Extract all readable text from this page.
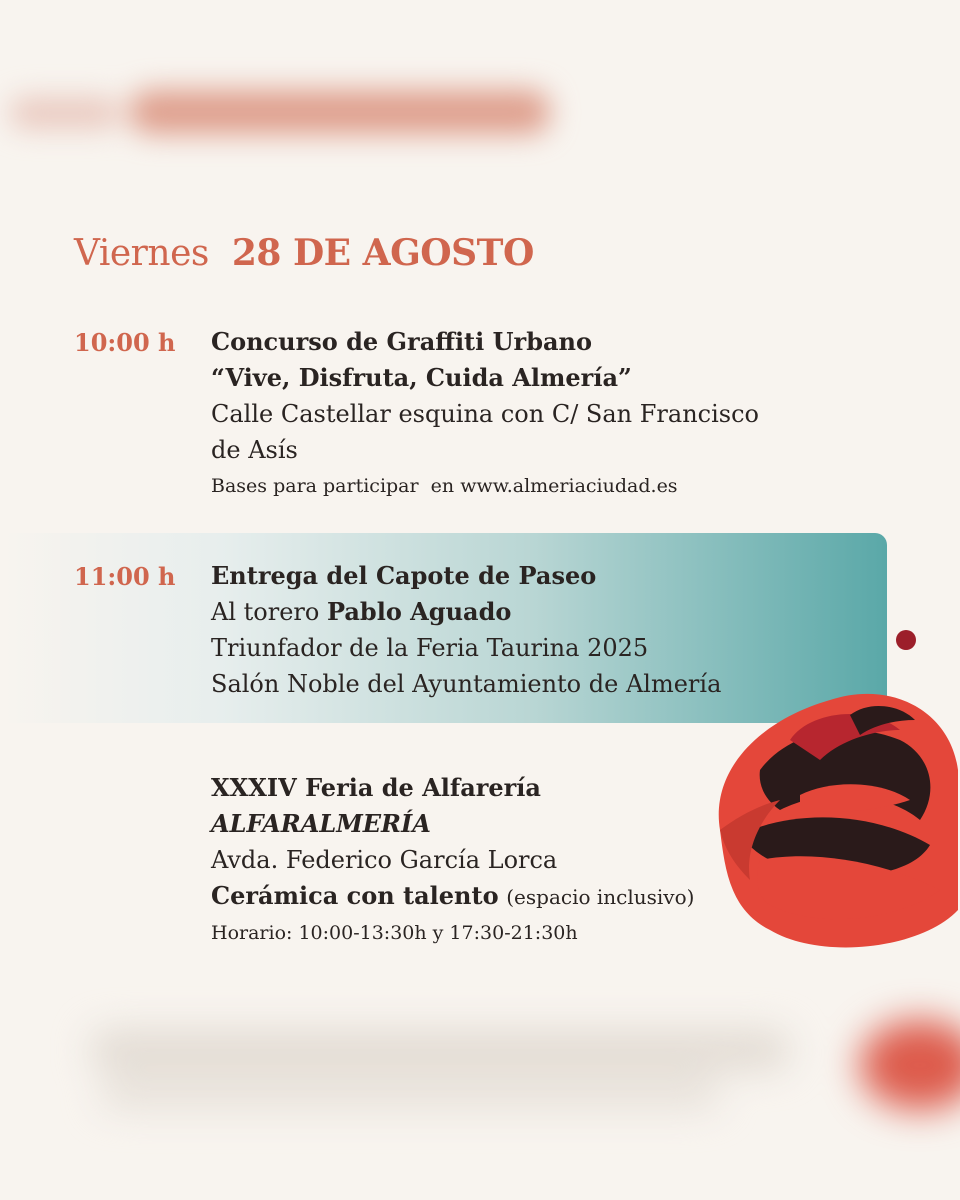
Viernes 28 DE AGOSTO
10:00 h Concurso de Graffiti Urbano
“Vive, Disfruta, Cuida Almería”
Calle Castellar esquina con C/ San Francisco
de Asís
Bases para participar  en www.almeriaciudad.es
11:00 h Entrega del Capote de Paseo
Al torero Pablo Aguado
Triunfador de la Feria Taurina 2025
Salón Noble del Ayuntamiento de Almería
XXXIV Feria de Alfarería
ALFARALMERÍA
Avda. Federico García Lorca
Cerámica con talento (espacio inclusivo)
Horario: 10:00-13:30h y 17:30-21:30h
